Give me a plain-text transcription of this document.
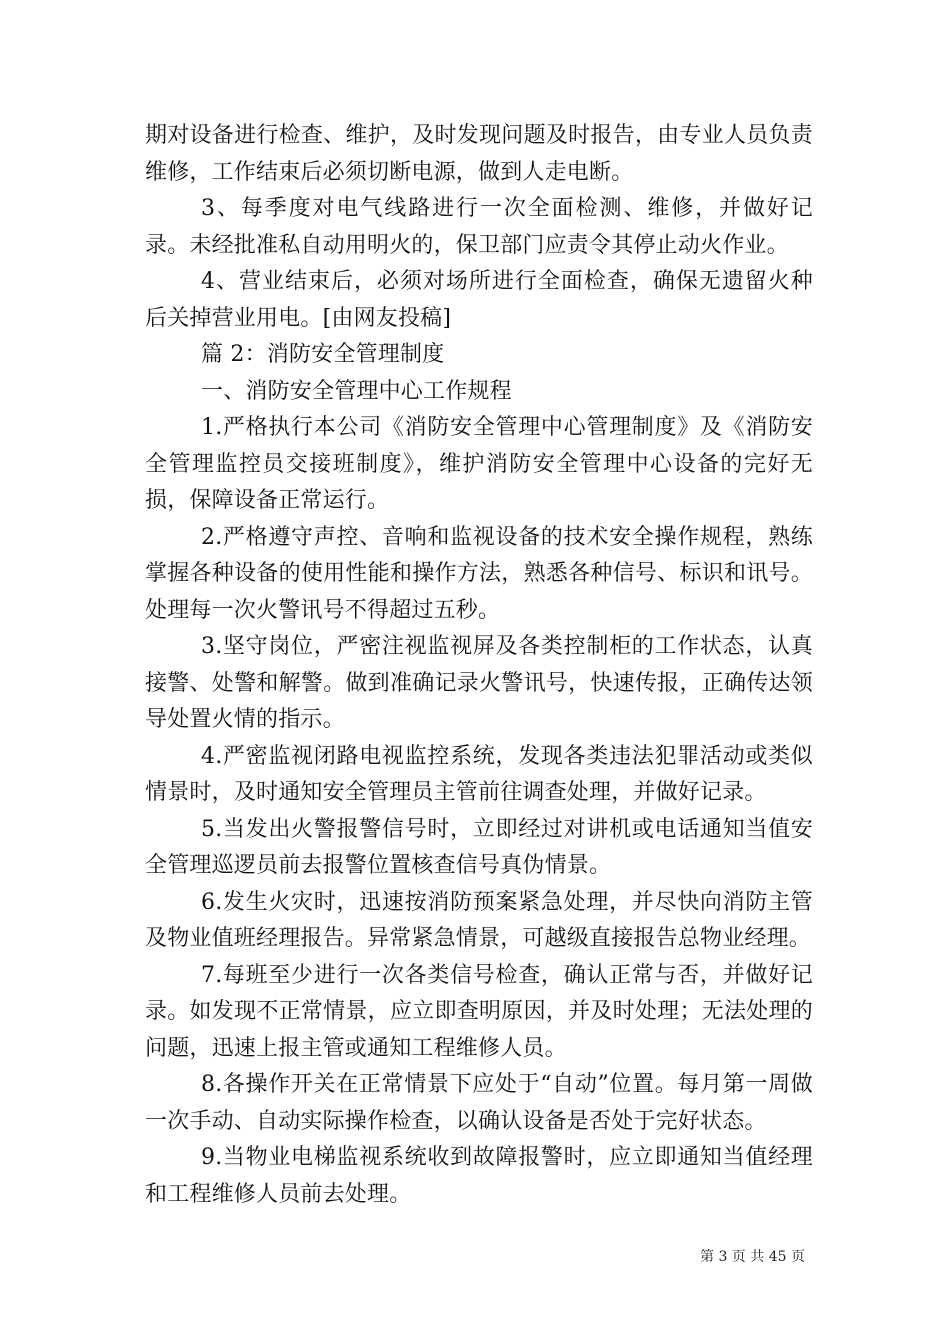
期对设备进行检查、维护，及时发现问题及时报告，由专业人员负责维修，工作结束后必须切断电源，做到人走电断。

3、每季度对电气线路进行一次全面检测、维修，并做好记录。未经批准私自动用明火的，保卫部门应责令其停止动火作业。

4、营业结束后，必须对场所进行全面检查，确保无遗留火种后关掉营业用电。[由网友投稿]

篇 2：消防安全管理制度

一、消防安全管理中心工作规程

1.严格执行本公司《消防安全管理中心管理制度》及《消防安全管理监控员交接班制度》，维护消防安全管理中心设备的完好无损，保障设备正常运行。

2.严格遵守声控、音响和监视设备的技术安全操作规程，熟练掌握各种设备的使用性能和操作方法，熟悉各种信号、标识和讯号。处理每一次火警讯号不得超过五秒。

3.坚守岗位，严密注视监视屏及各类控制柜的工作状态，认真接警、处警和解警。做到准确记录火警讯号，快速传报，正确传达领导处置火情的指示。

4.严密监视闭路电视监控系统，发现各类违法犯罪活动或类似情景时，及时通知安全管理员主管前往调查处理，并做好记录。

5.当发出火警报警信号时，立即经过对讲机或电话通知当值安全管理巡逻员前去报警位置核查信号真伪情景。

6.发生火灾时，迅速按消防预案紧急处理，并尽快向消防主管及物业值班经理报告。异常紧急情景，可越级直接报告总物业经理。

7.每班至少进行一次各类信号检查，确认正常与否，并做好记录。如发现不正常情景，应立即查明原因，并及时处理；无法处理的问题，迅速上报主管或通知工程维修人员。

8.各操作开关在正常情景下应处于“自动”位置。每月第一周做一次手动、自动实际操作检查，以确认设备是否处于完好状态。

9.当物业电梯监视系统收到故障报警时，应立即通知当值经理和工程维修人员前去处理。

第 3 页 共 45 页
